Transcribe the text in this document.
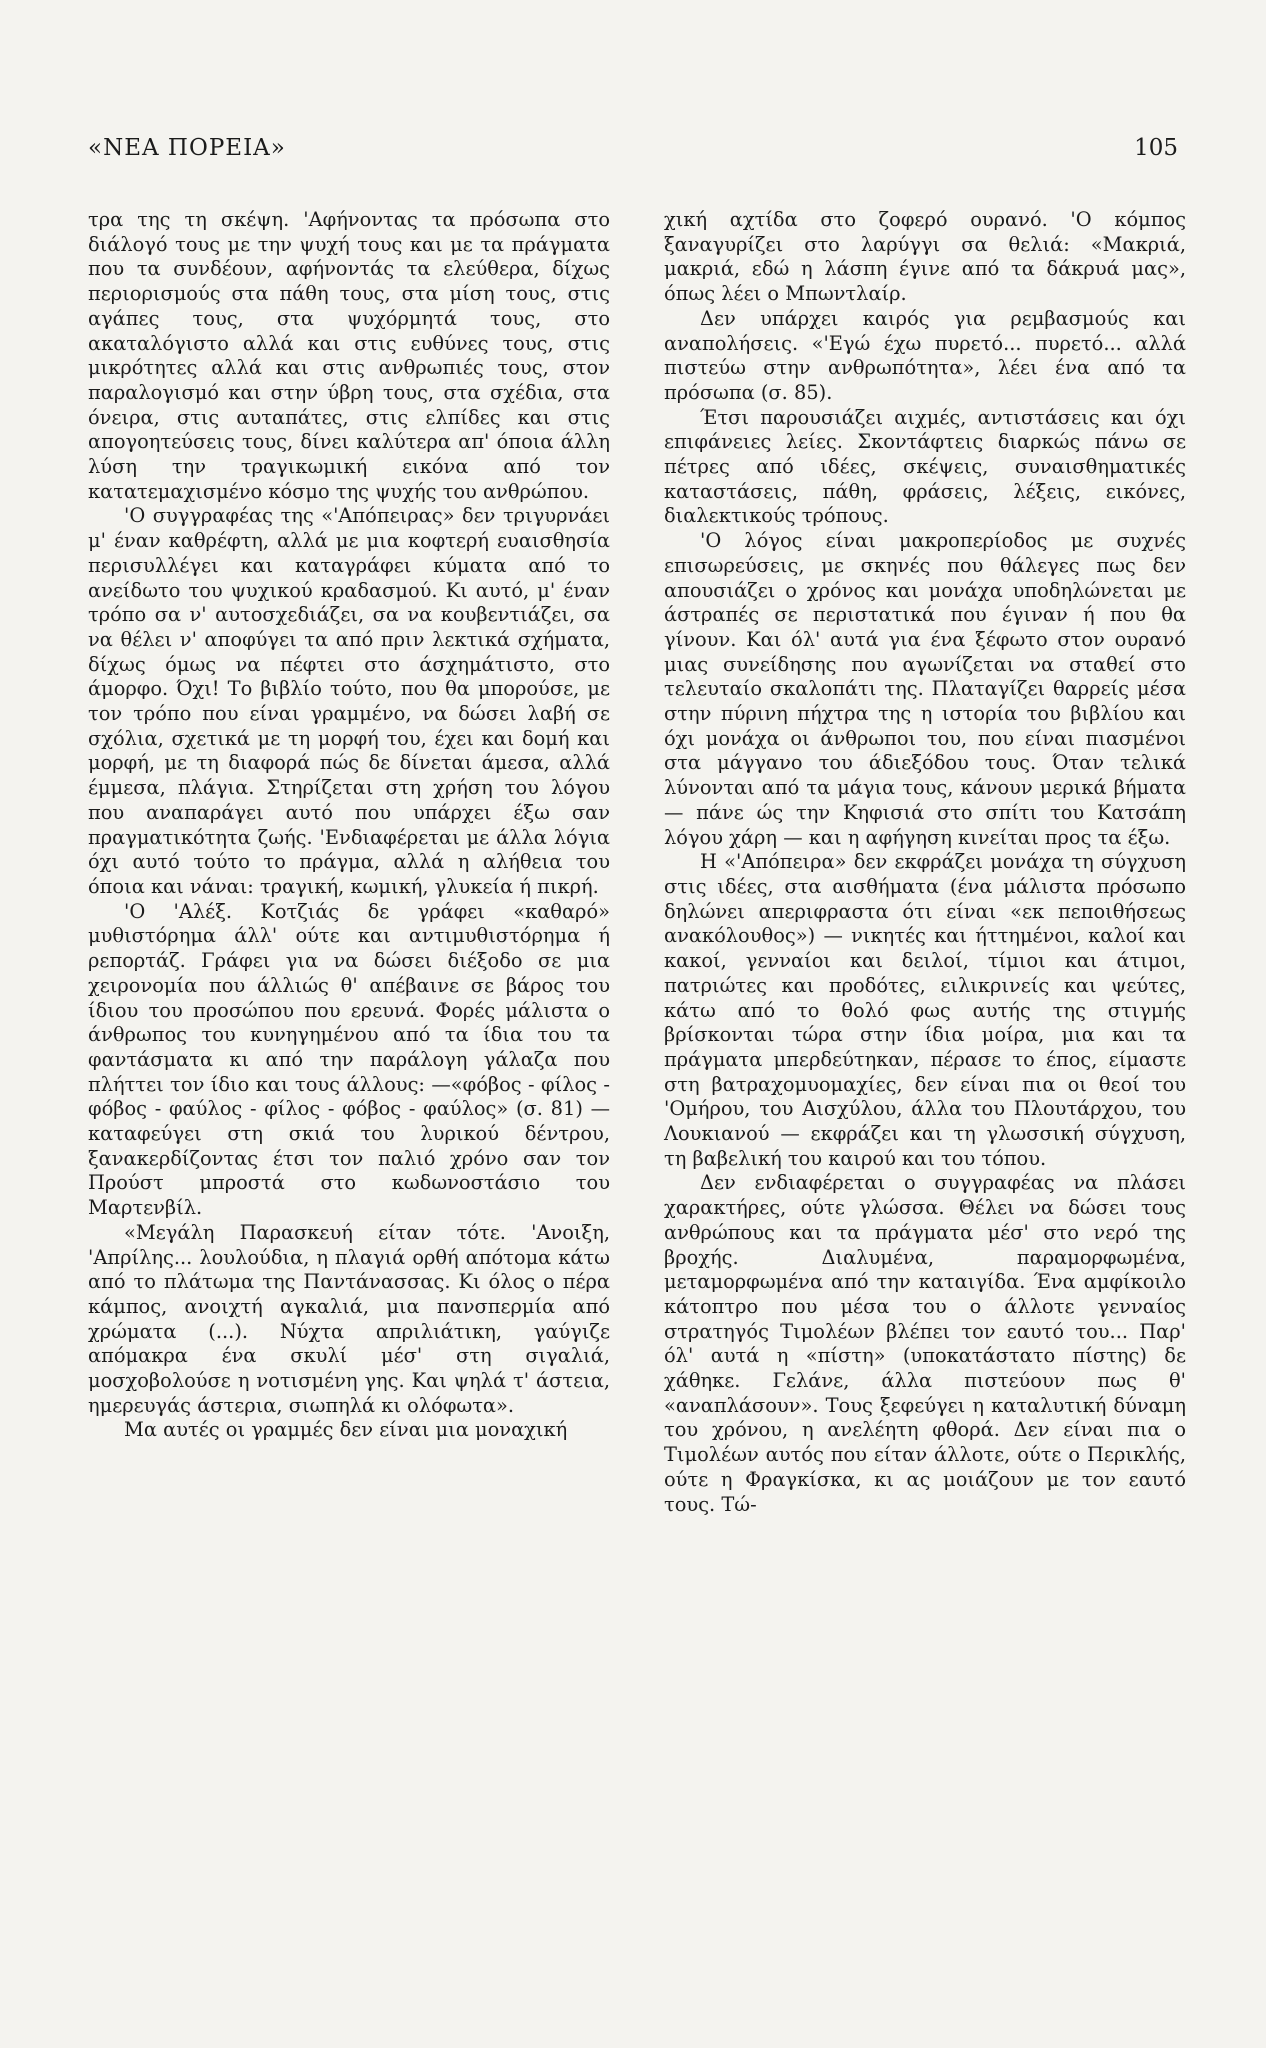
«ΝΕΑ ΠΟΡΕΙΑ»	105

τρα της τη σκέψη. 'Αφήνοντας τα πρόσωπα στο διάλογό τους με την ψυχή τους και με τα πράγματα που τα συνδέουν, αφήνοντάς τα ελεύθερα, δίχως περιορισμούς στα πάθη τους, στα μίση τους, στις αγάπες τους, στα ψυχόρμητά τους, στο ακαταλόγιστο αλλά και στις ευθύνες τους, στις μικρότητες αλλά και στις ανθρωπιές τους, στον παραλογισμό και στην ύβρη τους, στα σχέδια, στα όνειρα, στις αυταπάτες, στις ελπίδες και στις απογοητεύσεις τους, δίνει καλύτερα απ' όποια άλλη λύση την τραγικωμική εικόνα από τον κατατεμαχισμένο κόσμο της ψυχής του ανθρώπου.

'Ο συγγραφέας της «'Απόπειρας» δεν τριγυρνάει μ' έναν καθρέφτη, αλλά με μια κοφτερή ευαισθησία περισυλλέγει και καταγράφει κύματα από το ανείδωτο του ψυχικού κραδασμού. Κι αυτό, μ' έναν τρόπο σα ν' αυτοσχεδιάζει, σα να κουβεντιάζει, σα να θέλει ν' αποφύγει τα από πριν λεκτικά σχήματα, δίχως όμως να πέφτει στο άσχημάτιστο, στο άμορφο. Όχι! Το βιβλίο τούτο, που θα μπορούσε, με τον τρόπο που είναι γραμμένο, να δώσει λαβή σε σχόλια, σχετικά με τη μορφή του, έχει και δομή και μορφή, με τη διαφορά πώς δε δίνεται άμεσα, αλλά έμμεσα, πλάγια. Στηρίζεται στη χρήση του λόγου που αναπαράγει αυτό που υπάρχει έξω σαν πραγματικότητα ζωής. 'Ενδιαφέρεται με άλλα λόγια όχι αυτό τούτο το πράγμα, αλλά η αλήθεια του όποια και νάναι: τραγική, κωμική, γλυκεία ή πικρή.

'Ο 'Αλέξ. Κοτζιάς δε γράφει «καθαρό» μυθιστόρημα άλλ' ούτε και αντιμυθιστόρημα ή ρεπορτάζ. Γράφει για να δώσει διέξοδο σε μια χειρονομία που άλλιώς θ' απέβαινε σε βάρος του ίδιου του προσώπου που ερευνά. Φορές μάλιστα ο άνθρωπος του κυνηγημένου από τα ίδια του τα φαντάσματα κι από την παράλογη γάλαζα που πλήττει τον ίδιο και τους άλλους: —«φόβος - φίλος - φόβος - φαύλος - φίλος - φόβος - φαύλος» (σ. 81) — καταφεύγει στη σκιά του λυρικού δέντρου, ξανακερδίζοντας έτσι τον παλιό χρόνο σαν τον Προύστ μπροστά στο κωδωνοστάσιο του Μαρτενβίλ.

«Μεγάλη Παρασκευή είταν τότε. 'Ανοιξη, 'Απρίλης... λουλούδια, η πλαγιά ορθή απότομα κάτω από το πλάτωμα της Παντάνασσας. Κι όλος ο πέρα κάμπος, ανοιχτή αγκαλιά, μια πανσπερμία από χρώματα (...). Νύχτα απριλιάτικη, γαύγιζε απόμακρα ένα σκυλί μέσ' στη σιγαλιά, μοσχοβολούσε η νοτισμένη γης. Και ψηλά τ' άστεια, ημερευγάς άστερια, σιωπηλά κι ολόφωτα».

Μα αυτές οι γραμμές δεν είναι μια μοναχική

χική αχτίδα στο ζοφερό ουρανό. 'Ο κόμπος ξαναγυρίζει στο λαρύγγι σα θελιά: «Μακριά, μακριά, εδώ η λάσπη έγινε από τα δάκρυά μας», όπως λέει ο Μπωντλαίρ.

Δεν υπάρχει καιρός για ρεμβασμούς και αναπολήσεις. «'Εγώ έχω πυρετό... πυρετό... αλλά πιστεύω στην ανθρωπότητα», λέει ένα από τα πρόσωπα (σ. 85).

Έτσι παρουσιάζει αιχμές, αντιστάσεις και όχι επιφάνειες λείες. Σκοντάφτεις διαρκώς πάνω σε πέτρες από ιδέες, σκέψεις, συναισθηματικές καταστάσεις, πάθη, φράσεις, λέξεις, εικόνες, διαλεκτικούς τρόπους.

'Ο λόγος είναι μακροπερίοδος με συχνές επισωρεύσεις, με σκηνές που θάλεγες πως δεν απουσιάζει ο χρόνος και μονάχα υποδηλώνεται με άστραπές σε περιστατικά που έγιναν ή που θα γίνουν. Και όλ' αυτά για ένα ξέφωτο στον ουρανό μιας συνείδησης που αγωνίζεται να σταθεί στο τελευταίο σκαλοπάτι της. Πλαταγίζει θαρρείς μέσα στην πύρινη πήχτρα της η ιστορία του βιβλίου και όχι μονάχα οι άνθρωποι του, που είναι πιασμένοι στα μάγγανο του άδιεξόδου τους. Όταν τελικά λύνονται από τα μάγια τους, κάνουν μερικά βήματα — πάνε ώς την Κηφισιά στο σπίτι του Κατσάπη λόγου χάρη — και η αφήγηση κινείται προς τα έξω.

Η «'Απόπειρα» δεν εκφράζει μονάχα τη σύγχυση στις ιδέες, στα αισθήματα (ένα μάλιστα πρόσωπο δηλώνει απεριφραστα ότι είναι «εκ πεποιθήσεως ανακόλουθος») — νικητές και ήττημένοι, καλοί και κακοί, γενναίοι και δειλοί, τίμιοι και άτιμοι, πατριώτες και προδότες, ειλικρινείς και ψεύτες, κάτω από το θολό φως αυτής της στιγμής βρίσκονται τώρα στην ίδια μοίρα, μια και τα πράγματα μπερδεύτηκαν, πέρασε το έπος, είμαστε στη βατραχομυομαχίες, δεν είναι πια οι θεοί του 'Ομήρου, του Αισχύλου, άλλα του Πλουτάρχου, του Λουκιανού — εκφράζει και τη γλωσσική σύγχυση, τη βαβελική του καιρού και του τόπου.

Δεν ενδιαφέρεται ο συγγραφέας να πλάσει χαρακτήρες, ούτε γλώσσα. Θέλει να δώσει τους ανθρώπους και τα πράγματα μέσ' στο νερό της βροχής. Διαλυμένα, παραμορφωμένα, μεταμορφωμένα από την καταιγίδα. Ένα αμφίκοιλο κάτοπτρο που μέσα του ο άλλοτε γενναίος στρατηγός Τιμολέων βλέπει τον εαυτό του... Παρ' όλ' αυτά η «πίστη» (υποκατάστατο πίστης) δε χάθηκε. Γελάνε, άλλα πιστεύουν πως θ' «αναπλάσουν». Τους ξεφεύγει η καταλυτική δύναμη του χρόνου, η ανελέητη φθορά. Δεν είναι πια ο Τιμολέων αυτός που είταν άλλοτε, ούτε ο Περικλής, ούτε η Φραγκίσκα, κι ας μοιάζουν με τον εαυτό τους. Τώ-
